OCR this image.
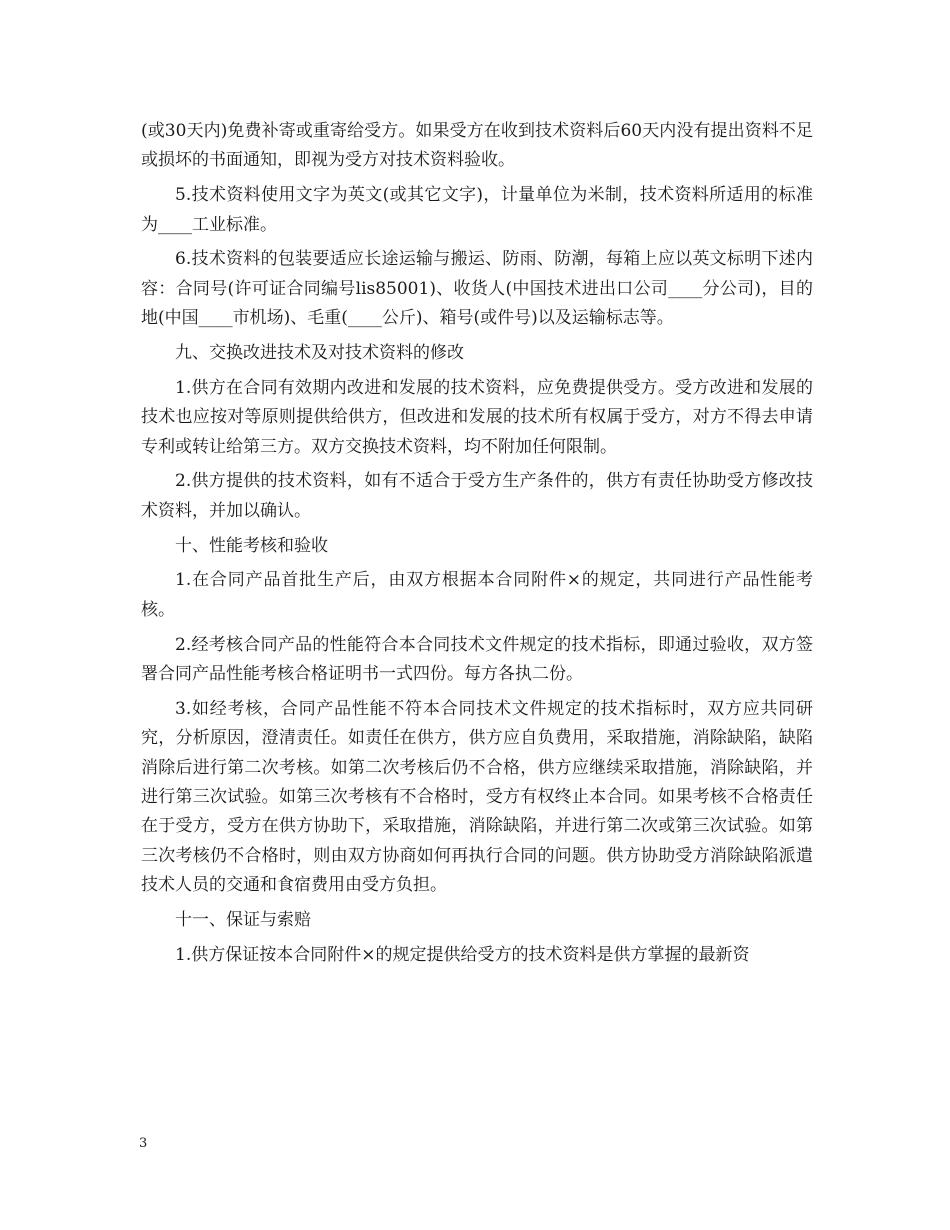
(或30天内)免费补寄或重寄给受方。如果受方在收到技术资料后60天内没有提出资料不足或损坏的书面通知，即视为受方对技术资料验收。

5.技术资料使用文字为英文(或其它文字)，计量单位为米制，技术资料所适用的标准为____工业标准。

6.技术资料的包装要适应长途运输与搬运、防雨、防潮，每箱上应以英文标明下述内容：合同号(许可证合同编号lis85001)、收货人(中国技术进出口公司____分公司)，目的地(中国____市机场)、毛重(____公斤)、箱号(或件号)以及运输标志等。

九、交换改进技术及对技术资料的修改

1.供方在合同有效期内改进和发展的技术资料，应免费提供受方。受方改进和发展的技术也应按对等原则提供给供方，但改进和发展的技术所有权属于受方，对方不得去申请专利或转让给第三方。双方交换技术资料，均不附加任何限制。

2.供方提供的技术资料，如有不适合于受方生产条件的，供方有责任协助受方修改技术资料，并加以确认。

十、性能考核和验收

1.在合同产品首批生产后，由双方根据本合同附件×的规定，共同进行产品性能考核。

2.经考核合同产品的性能符合本合同技术文件规定的技术指标，即通过验收，双方签署合同产品性能考核合格证明书一式四份。每方各执二份。

3.如经考核，合同产品性能不符本合同技术文件规定的技术指标时，双方应共同研究，分析原因，澄清责任。如责任在供方，供方应自负费用，采取措施，消除缺陷，缺陷消除后进行第二次考核。如第二次考核后仍不合格，供方应继续采取措施，消除缺陷，并进行第三次试验。如第三次考核有不合格时，受方有权终止本合同。如果考核不合格责任在于受方，受方在供方协助下，采取措施，消除缺陷，并进行第二次或第三次试验。如第三次考核仍不合格时，则由双方协商如何再执行合同的问题。供方协助受方消除缺陷派遣技术人员的交通和食宿费用由受方负担。

十一、保证与索赔

1.供方保证按本合同附件×的规定提供给受方的技术资料是供方掌握的最新资

3
